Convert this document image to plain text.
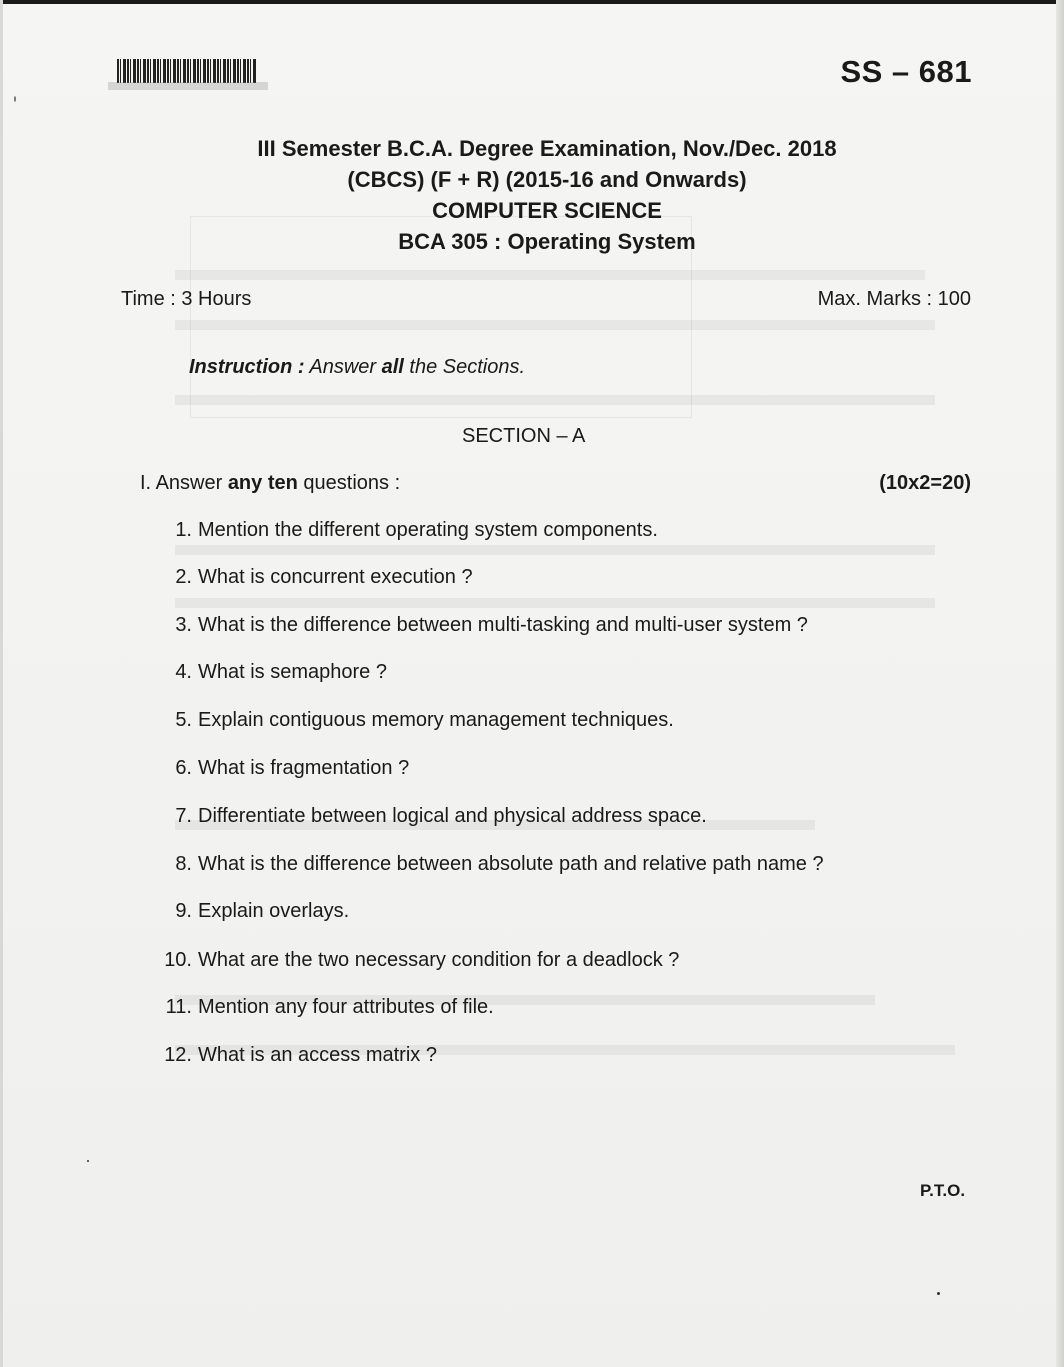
SS – 681
III Semester B.C.A. Degree Examination, Nov./Dec. 2018
(CBCS) (F + R) (2015-16 and Onwards)
COMPUTER SCIENCE
BCA 305 : Operating System
Time : 3 Hours	Max. Marks : 100
Instruction : Answer all the Sections.
SECTION – A
I. Answer any ten questions :	(10x2=20)
1. Mention the different operating system components.
2. What is concurrent execution ?
3. What is the difference between multi-tasking and multi-user system ?
4. What is semaphore ?
5. Explain contiguous memory management techniques.
6. What is fragmentation ?
7. Differentiate between logical and physical address space.
8. What is the difference between absolute path and relative path name ?
9. Explain overlays.
10. What are the two necessary condition for a deadlock ?
11. Mention any four attributes of file.
12. What is an access matrix ?
P.T.O.
